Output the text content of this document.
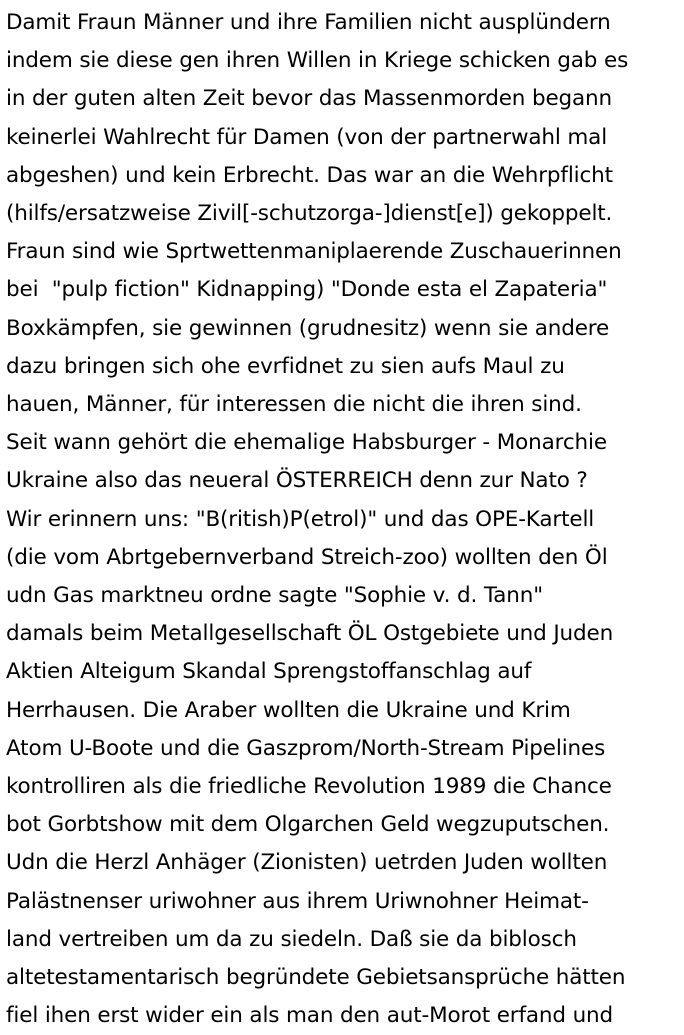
Damit Fraun Männer und ihre Familien nicht ausplündern
indem sie diese gen ihren Willen in Kriege schicken gab es
in der guten alten Zeit bevor das Massenmorden begann
keinerlei Wahlrecht für Damen (von der partnerwahl mal
abgeshen) und kein Erbrecht. Das war an die Wehrpflicht
(hilfs/ersatzweise Zivil[-schutzorga-]dienst[e]) gekoppelt.
Fraun sind wie Sprtwettenmaniplaerende Zuschauerinnen
bei  "pulp fiction" Kidnapping) "Donde esta el Zapateria"
Boxkämpfen, sie gewinnen (grudnesitz) wenn sie andere
dazu bringen sich ohe evrfidnet zu sien aufs Maul zu
hauen, Männer, für interessen die nicht die ihren sind.
Seit wann gehört die ehemalige Habsburger - Monarchie
Ukraine also das neueral ÖSTERREICH denn zur Nato ?
Wir erinnern uns: "B(ritish)P(etrol)" und das OPE-Kartell
(die vom Abrtgebernverband Streich-zoo) wollten den Öl
udn Gas marktneu ordne sagte "Sophie v. d. Tann"
damals beim Metallgesellschaft ÖL Ostgebiete und Juden
Aktien Alteigum Skandal Sprengstoffanschlag auf
Herrhausen. Die Araber wollten die Ukraine und Krim
Atom U-Boote und die Gaszprom/North-Stream Pipelines
kontrolliren als die friedliche Revolution 1989 die Chance
bot Gorbtshow mit dem Olgarchen Geld wegzuputschen.
Udn die Herzl Anhäger (Zionisten) uetrden Juden wollten
Palästnenser uriwohner aus ihrem Uriwnohner Heimat-
land vertreiben um da zu siedeln. Daß sie da biblosch
altetestamentarisch begründete Gebietsansprüche hätten
fiel ihen erst wider ein als man den aut-Morot erfand und
